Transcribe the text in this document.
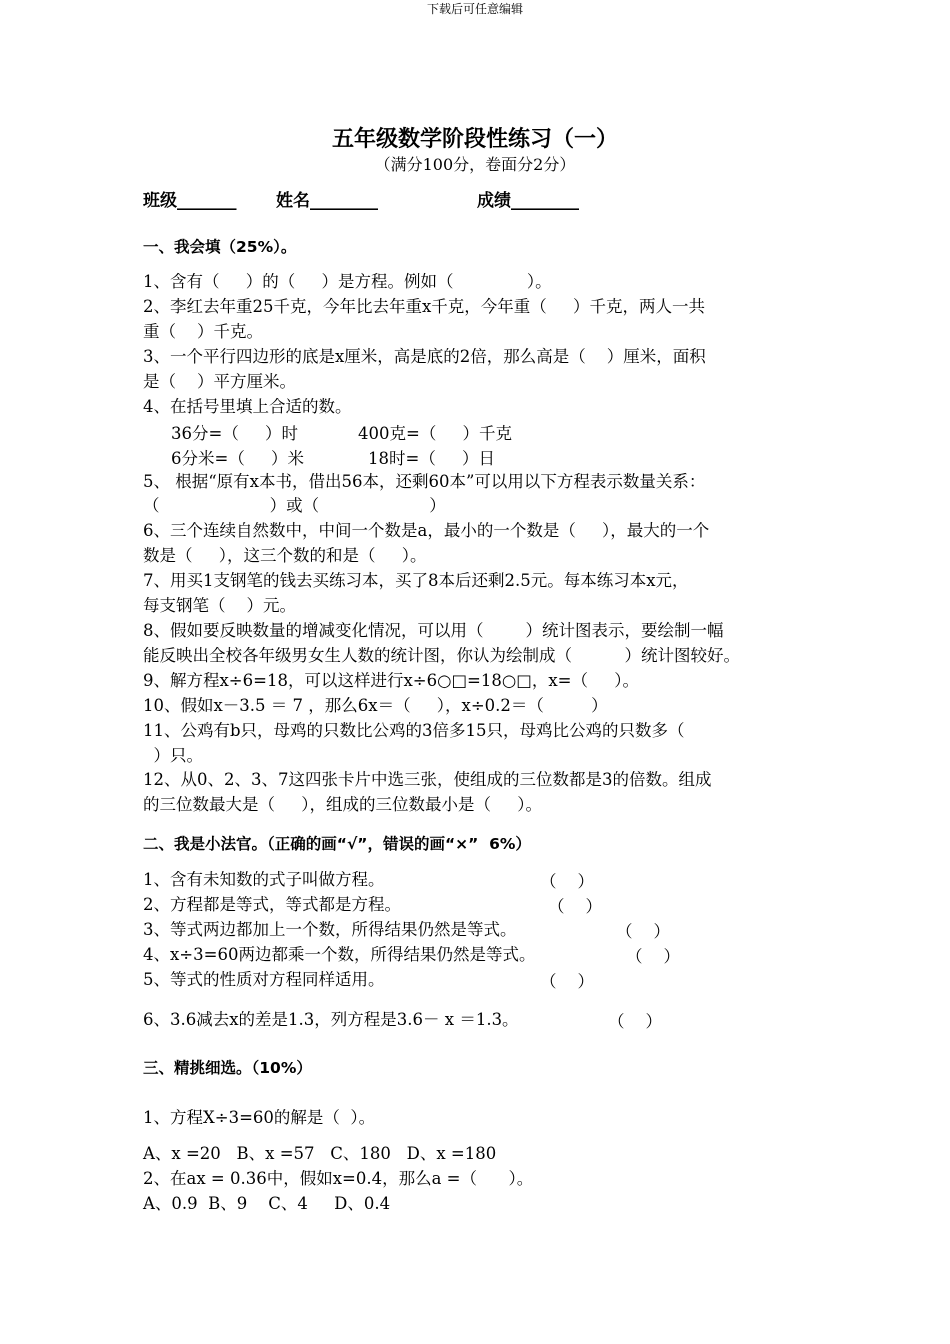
下载后可任意编辑
五年级数学阶段性练习（一）
（满分100分，卷面分2分）
班级_______ 姓名________	成绩________
一、我会填（25%）。
1、含有（     ）的（     ）是方程。例如（              ）。
2、李红去年重25千克，今年比去年重x千克，今年重（     ）千克，两人一共
重（    ）千克。
3、一个平行四边形的底是x厘米，高是底的2倍，那么高是（    ）厘米，面积
是（    ）平方厘米。
4、在括号里填上合适的数。
36分=（     ）时	400克=（     ）千克
6分米=（     ）米	18时=（     ）日
5、 根据“原有x本书，借出56本，还剩60本”可以用以下方程表示数量关系：
（                     ）或（                     ）
6、三个连续自然数中，中间一个数是a，最小的一个数是（     ），最大的一个
数是（     ），这三个数的和是（     ）。
7、用买1支钢笔的钱去买练习本，买了8本后还剩2.5元。每本练习本x元，
每支钢笔（    ）元。
8、假如要反映数量的增减变化情况，可以用（        ）统计图表示，要绘制一幅
能反映出全校各年级男女生人数的统计图，你认为绘制成（          ）统计图较好。
9、解方程x÷6=18，可以这样进行x÷6○□=18○□，x=（     ）。
10、假如x－3.5 ＝ 7 ，那么6x＝（     ），x÷0.2＝（         ）
11、公鸡有b只，母鸡的只数比公鸡的3倍多15只，母鸡比公鸡的只数多（
）只。
12、从0、2、3、7这四张卡片中选三张，使组成的三位数都是3的倍数。组成
的三位数最大是（     ），组成的三位数最小是（     ）。
二、我是小法官。（正确的画“√”，错误的画“×”  6%）
1、含有未知数的式子叫做方程。	（    ）
2、方程都是等式，等式都是方程。	（    ）
3、等式两边都加上一个数，所得结果仍然是等式。	（    ）
4、x÷3=60两边都乘一个数，所得结果仍然是等式。	（    ）
5、等式的性质对方程同样适用。	（    ）
6、3.6减去x的差是1.3，列方程是3.6－ x ＝1.3。	（    ）
三、精挑细选。（10%）
1、方程X÷3=60的解是（  ）。
A、x =20   B、x =57   C、180   D、x =180
2、在ax = 0.36中，假如x=0.4，那么a =（      ）。
A、0.9  B、9    C、4     D、0.4
